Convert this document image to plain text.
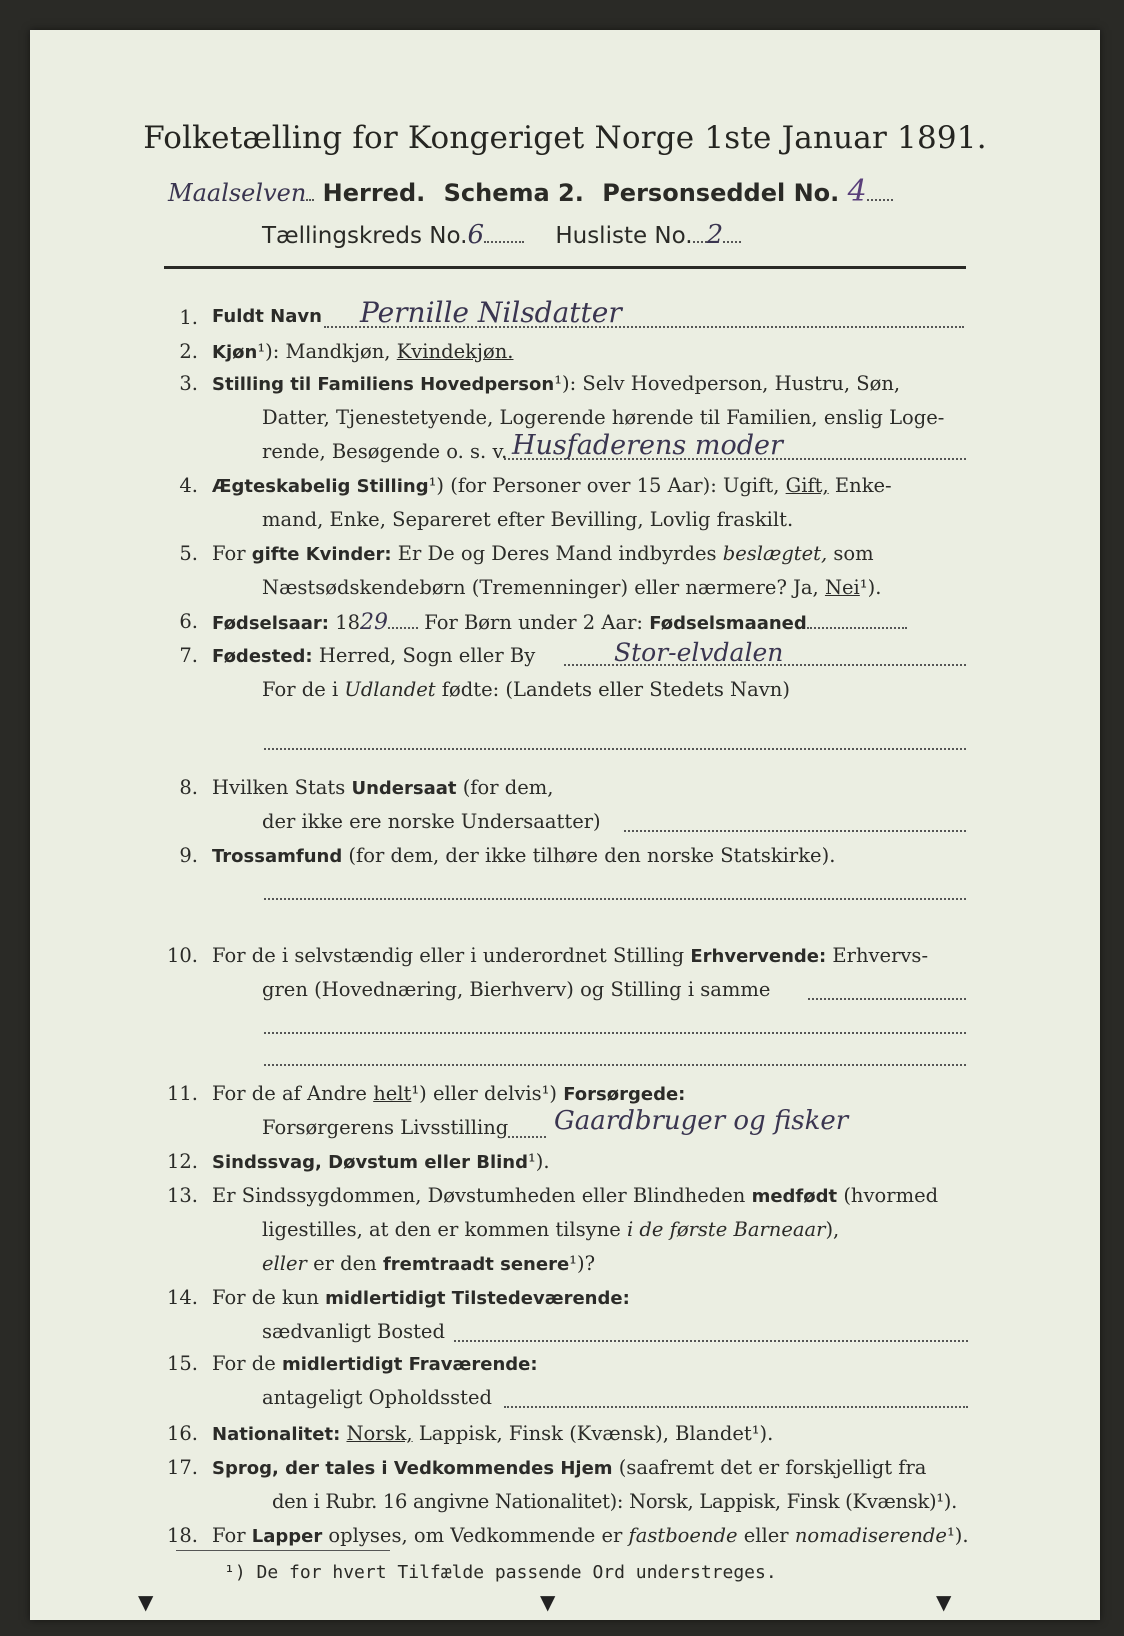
Folketælling for Kongeriget Norge 1ste Januar 1891.
Maalselven Herred. Schema 2. Personseddel No. 4
Tællingskreds No.6	Husliste No. 2
1. Fuldt Navn Pernille Nilsdatter
2. Kjøn¹): Mandkjøn, Kvindekjøn.
3. Stilling til Familiens Hovedperson¹): Selv Hovedperson, Hustru, Søn,
Datter, Tjenestetyende, Logerende hørende til Familien, enslig Loge-
rende, Besøgende o. s. v. Husfaderens moder
4. Ægteskabelig Stilling¹) (for Personer over 15 Aar): Ugift, Gift, Enke-
mand, Enke, Separeret efter Bevilling, Lovlig fraskilt.
5. For gifte Kvinder: Er De og Deres Mand indbyrdes beslægtet, som
Næstsødskendebørn (Tremenninger) eller nærmere? Ja, Nei¹).
6. Fødselsaar: 1829 For Børn under 2 Aar: Fødselsmaaned
7. Fødested: Herred, Sogn eller By	Stor-elvdalen
For de i Udlandet fødte: (Landets eller Stedets Navn)
8. Hvilken Stats Undersaat (for dem,
der ikke ere norske Undersaatter)
9. Trossamfund (for dem, der ikke tilhøre den norske Statskirke).
10. For de i selvstændig eller i underordnet Stilling Erhvervende: Erhvervs-
gren (Hovednæring, Bierhverv) og Stilling i samme
11. For de af Andre helt¹) eller delvis¹) Forsørgede:
Forsørgerens Livsstilling Gaardbruger og fisker
12. Sindssvag, Døvstum eller Blind¹).
13. Er Sindssygdommen, Døvstumheden eller Blindheden medfødt (hvormed
ligestilles, at den er kommen tilsyne i de første Barneaar),
eller er den fremtraadt senere¹)?
14. For de kun midlertidigt Tilstedeværende:
sædvanligt Bosted
15. For de midlertidigt Fraværende:
antageligt Opholdssted
16. Nationalitet: Norsk, Lappisk, Finsk (Kvænsk), Blandet¹).
17. Sprog, der tales i Vedkommendes Hjem (saafremt det er forskjelligt fra
den i Rubr. 16 angivne Nationalitet): Norsk, Lappisk, Finsk (Kvænsk)¹).
18. For Lapper oplyses, om Vedkommende er fastboende eller nomadiserende¹).
¹) De for hvert Tilfælde passende Ord understreges.
▼	▼	▼
